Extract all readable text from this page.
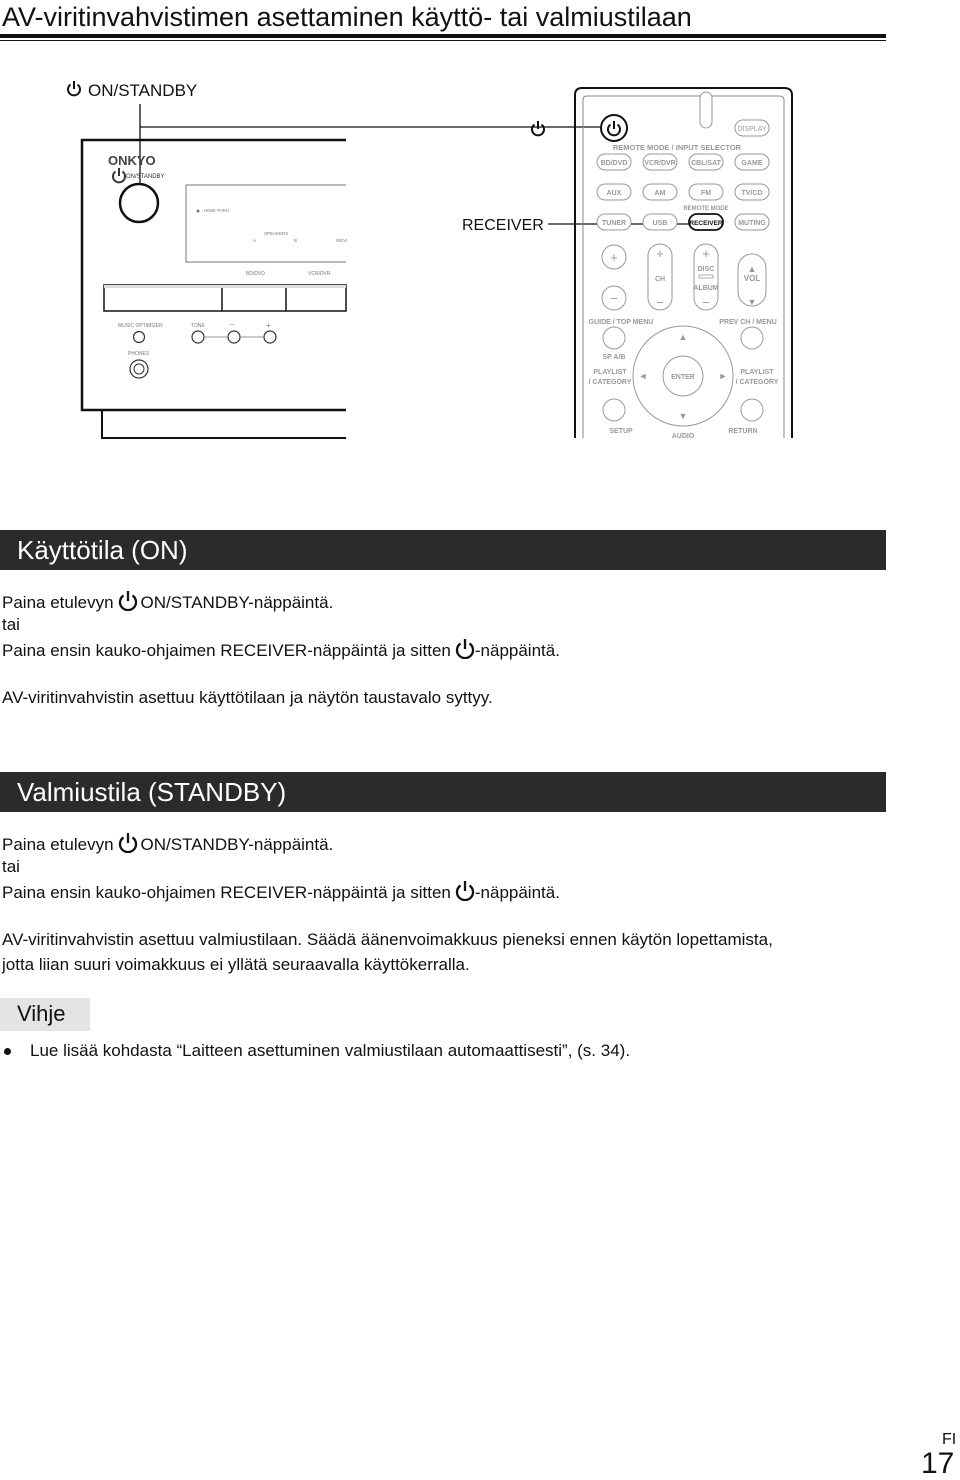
AV-viritinvahvistimen asettaminen käyttö- tai valmiustilaan
ON/STANDBY
RECEIVER
ONKYO
ON/STANDBY
HDMI THRU
SPEAKERS
A	B	MOVI
BD/DVD	VCR/DVR
MUSIC OPTIMIZER	TONE	−	+
PHONES
DISPLAY
REMOTE MODE / INPUT SELECTOR
BD/DVD VCR/DVR CBL/SAT	GAME
AUX	AM	FM	TV/CD
REMOTE MODE
TUNER	USB	MUTING
RECEIVER
+
−
+
−
+
−
▲
▼
CH
DISC
ALBUM
VOL
GUIDE / TOP MENU	PREV CH / MENU
SP A/B
PLAYLIST
/ CATEGORY
PLAYLIST
/ CATEGORY
SETUP
AUDIO
RETURN
▲
▼
◄	►
ENTER
Käyttötila (ON)
Paina etulevyn ON/STANDBY-näppäintä.
tai
Paina ensin kauko-ohjaimen RECEIVER-näppäintä ja sitten -näppäintä.
AV-viritinvahvistin asettuu käyttötilaan ja näytön taustavalo syttyy.
Valmiustila (STANDBY)
Paina etulevyn ON/STANDBY-näppäintä.
tai
Paina ensin kauko-ohjaimen RECEIVER-näppäintä ja sitten -näppäintä.
AV-viritinvahvistin asettuu valmiustilaan. Säädä äänenvoimakkuus pieneksi ennen käytön lopettamista,
jotta liian suuri voimakkuus ei yllätä seuraavalla käyttökerralla.
Vihje
Lue lisää kohdasta “Laitteen asettuminen valmiustilaan automaattisesti”, (s. 34).
FI
17
